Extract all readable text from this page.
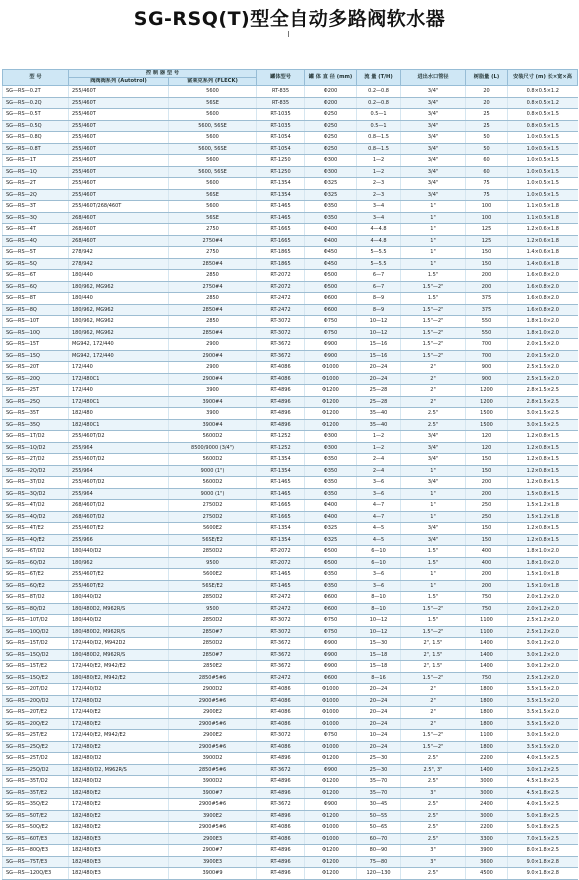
SG-RSQ(T)型全自动多路阀软水器
型 号	控 制 器 型 号		罐体型号	罐 体 直 径 (mm)	流 量 (T/H)	进出水口管径	树脂量 (L)	安装尺寸 (m) 长×宽×高
	阀阀阀系列 (Autotrol)	富莱克系列 (FLECK)						
SG—RS—0.2T	255/460T	5600	RT-835	Φ200	0.2—0.8	3/4"	20	0.8×0.5×1.2
SG—RS—0.2Q	255/460T	56SE	RT-835	Φ200	0.2—0.8	3/4"	20	0.8×0.5×1.2
SG—RS—0.5T	255/460T	5600	RT-1035	Φ250	0.5—1	3/4"	25	0.8×0.5×1.5
SG—RS—0.5Q	255/460T	5600, 56SE	RT-1035	Φ250	0.5—1	3/4"	25	0.8×0.5×1.5
SG—RS—0.8Q	255/460T	5600	RT-1054	Φ250	0.8—1.5	3/4"	50	1.0×0.5×1.5
SG—RS—0.8T	255/460T	5600, 56SE	RT-1054	Φ250	0.8—1.5	3/4"	50	1.0×0.5×1.5
SG—RS—1T	255/460T	5600	RT-1250	Φ300	1—2	3/4"	60	1.0×0.5×1.5
SG—RS—1Q	255/460T	5600, 56SE	RT-1250	Φ300	1—2	3/4"	60	1.0×0.5×1.5
SG—RS—2T	255/460T	5600	RT-1354	Φ325	2—3	3/4"	75	1.0×0.5×1.5
SG—RS—2Q	255/460T	56SE	RT-1354	Φ325	2—3	3/4"	75	1.0×0.5×1.5
SG—RS—3T	255/460T/268/460T	5600	RT-1465	Φ350	3—4	1"	100	1.1×0.5×1.8
SG—RS—3Q	268/460T	56SE	RT-1465	Φ350	3—4	1"	100	1.1×0.5×1.8
SG—RS—4T	268/460T	2750	RT-1665	Φ400	4—4.8	1"	125	1.2×0.6×1.8
SG—RS—4Q	268/460T	2750#4	RT-1665	Φ400	4—4.8	1"	125	1.2×0.6×1.8
SG—RS—5T	278/942	2750	RT-1865	Φ450	5—5.5	1"	150	1.4×0.6×1.8
SG—RS—5Q	278/942	2850#4	RT-1865	Φ450	5—5.5	1"	150	1.4×0.6×1.8
SG—RS—6T	180/440	2850	RT-2072	Φ500	6—7	1.5"	200	1.6×0.8×2.0
SG—RS—6Q	180/962, MG962	2750#4	RT-2072	Φ500	6—7	1.5"—2"	200	1.6×0.8×2.0
SG—RS—8T	180/440	2850	RT-2472	Φ600	8—9	1.5"	375	1.6×0.8×2.0
SG—RS—8Q	180/962, MG962	2850#4	RT-2472	Φ600	8—9	1.5"—2"	375	1.6×0.8×2.0
SG—RS—10T	180/962, MG962	2850	RT-3072	Φ750	10—12	1.5"—2"	550	1.8×1.0×2.0
SG—RS—10Q	180/962, MG962	2850#4	RT-3072	Φ750	10—12	1.5"—2"	550	1.8×1.0×2.0
SG—RS—15T	MG942, 172/440	2900	RT-3672	Φ900	15—16	1.5"—2"	700	2.0×1.5×2.0
SG—RS—15Q	MG942, 172/440	2900#4	RT-3672	Φ900	15—16	1.5"—2"	700	2.0×1.5×2.0
SG—RS—20T	172/440	2900	RT-4086	Φ1000	20—24	2"	900	2.5×1.5×2.0
SG—RS—20Q	172/480C1	2900#4	RT-4086	Φ1000	20—24	2"	900	2.5×1.5×2.0
SG—RS—25T	172/440	3900	RT-4896	Φ1200	25—28	2"	1200	2.8×1.5×2.5
SG—RS—25Q	172/480C1	3900#4	RT-4896	Φ1200	25—28	2"	1200	2.8×1.5×2.5
SG—RS—35T	182/480	3900	RT-4896	Φ1200	35—40	2.5"	1500	3.0×1.5×2.5
SG—RS—35Q	182/480C1	3900#4	RT-4896	Φ1200	35—40	2.5"	1500	3.0×1.5×2.5
SG—RS—1T/D2	255/460T/D2	5600D2	RT-1252	Φ300	1—2	3/4"	120	1.2×0.8×1.5
SG—RS—1Q/D2	255/964	8500/9000 (3/4")	RT-1252	Φ300	1—2	3/4"	120	1.2×0.8×1.5
SG—RS—2T/D2	255/460T/D2	5600D2	RT-1354	Φ350	2—4	3/4"	150	1.2×0.8×1.5
SG—RS—2Q/D2	255/964	9000 (1")	RT-1354	Φ350	2—4	1"	150	1.2×0.8×1.5
SG—RS—3T/D2	255/460T/D2	5600D2	RT-1465	Φ350	3—6	3/4"	200	1.2×0.8×1.5
SG—RS—3Q/D2	255/964	9000 (1")	RT-1465	Φ350	3—6	1"	200	1.5×0.8×1.5
SG—RS—4T/D2	268/460T/D2	2750D2	RT-1665	Φ400	4—7	1"	250	1.5×1.2×1.8
SG—RS—4Q/D2	268/460T/D2	2750D2	RT-1665	Φ400	4—7	1"	250	1.5×1.2×1.8
SG—RS—4T/E2	255/460T/E2	5600E2	RT-1354	Φ325	4—5	3/4"	150	1.2×0.8×1.5
SG—RS—4Q/E2	255/966	56SE/E2	RT-1354	Φ325	4—5	3/4"	150	1.2×0.8×1.5
SG—RS—6T/D2	180/440/D2	2850D2	RT-2072	Φ500	6—10	1.5"	400	1.8×1.0×2.0
SG—RS—6Q/D2	180/962	9500	RT-2072	Φ500	6—10	1.5"	400	1.8×1.0×2.0
SG—RS—6T/E2	255/460T/E2	5600E2	RT-1465	Φ350	3—6	1"	200	1.5×1.0×1.8
SG—RS—6Q/E2	255/460T/E2	56SE/E2	RT-1465	Φ350	3—6	1"	200	1.5×1.0×1.8
SG—RS—8T/D2	180/440/D2	2850D2	RT-2472	Φ600	8—10	1.5"	750	2.0×1.2×2.0
SG—RS—8Q/D2	180/480D2, M962R/S	9500	RT-2472	Φ600	8—10	1.5"—2"	750	2.0×1.2×2.0
SG—RS—10T/D2	180/440/D2	2850D2	RT-3072	Φ750	10—12	1.5"	1100	2.5×1.2×2.0
SG—RS—10Q/D2	180/480D2, M962R/S	2850#7	RT-3072	Φ750	10—12	1.5"—2"	1100	2.5×1.2×2.0
SG—RS—15T/D2	172/440/D2, M942D2	2850D2	RT-3672	Φ900	15—30	2", 1.5"	1400	3.0×1.2×2.0
SG—RS—15Q/D2	180/480D2, M962R/S	2850#7	RT-3672	Φ900	15—18	2", 1.5"	1400	3.0×1.2×2.0
SG—RS—15T/E2	172/440/E2, M942/E2	2850E2	RT-3672	Φ900	15—18	2", 1.5"	1400	3.0×1.2×2.0
SG—RS—15Q/E2	180/480/E2, M942/E2	2850#5#6	RT-2472	Φ600	8—16	1.5"—2"	750	2.5×1.2×2.0
SG—RS—20T/D2	172/440/D2	2900D2	RT-4086	Φ1000	20—24	2"	1800	3.5×1.5×2.0
SG—RS—20Q/D2	172/480/D2	2900#5#6	RT-4086	Φ1000	20—24	2"	1800	3.5×1.5×2.0
SG—RS—20T/E2	172/440/E2	2900E2	RT-4086	Φ1000	20—24	2"	1800	3.5×1.5×2.0
SG—RS—20Q/E2	172/480/E2	2900#5#6	RT-4086	Φ1000	20—24	2"	1800	3.5×1.5×2.0
SG—RS—25T/E2	172/440/E2, M942/E2	2900E2	RT-3072	Φ750	10—24	1.5"—2"	1100	3.0×1.5×2.0
SG—RS—25Q/E2	172/480/E2	2900#5#6	RT-4086	Φ1000	20—24	1.5"—2"	1800	3.5×1.5×2.0
SG—RS—25T/D2	182/480/D2	3900D2	RT-4896	Φ1200	25—30	2.5"	2200	4.0×1.5×2.5
SG—RS—25Q/D2	182/480/D2, M962R/S	2850#5#6	RT-3672	Φ900	25—30	2.5", 3"	1400	3.0×1.2×2.5
SG—RS—35T/D2	182/480/D2	3900D2	RT-4896	Φ1200	35—70	2.5"	3000	4.5×1.8×2.5
SG—RS—35T/E2	182/480/E2	3900#7	RT-4896	Φ1200	35—70	3"	3000	4.5×1.8×2.5
SG—RS—35Q/E2	172/480/E2	2900#5#6	RT-3672	Φ900	30—45	2.5"	2400	4.0×1.5×2.5
SG—RS—50T/E2	182/480/E2	3900E2	RT-4896	Φ1200	50—55	2.5"	3000	5.0×1.8×2.5
SG—RS—50Q/E2	182/480/E2	2900#5#6	RT-4086	Φ1000	50—65	2.5"	2200	5.0×1.8×2.5
SG—RS—60T/E3	182/480/E3	2900E3	RT-4086	Φ1000	60—70	2.5"	3300	7.0×1.5×2.5
SG—RS—80Q/E3	182/480/E3	2900#7	RT-4896	Φ1200	80—90	3"	3900	8.0×1.8×2.5
SG—RS—75T/E3	182/480/E3	3900E3	RT-4896	Φ1200	75—80	3"	3600	9.0×1.8×2.8
SG—RS—120Q/E3	182/480/E3	3900#9	RT-4896	Φ1200	120—130	2.5"	4500	9.0×1.8×2.8
